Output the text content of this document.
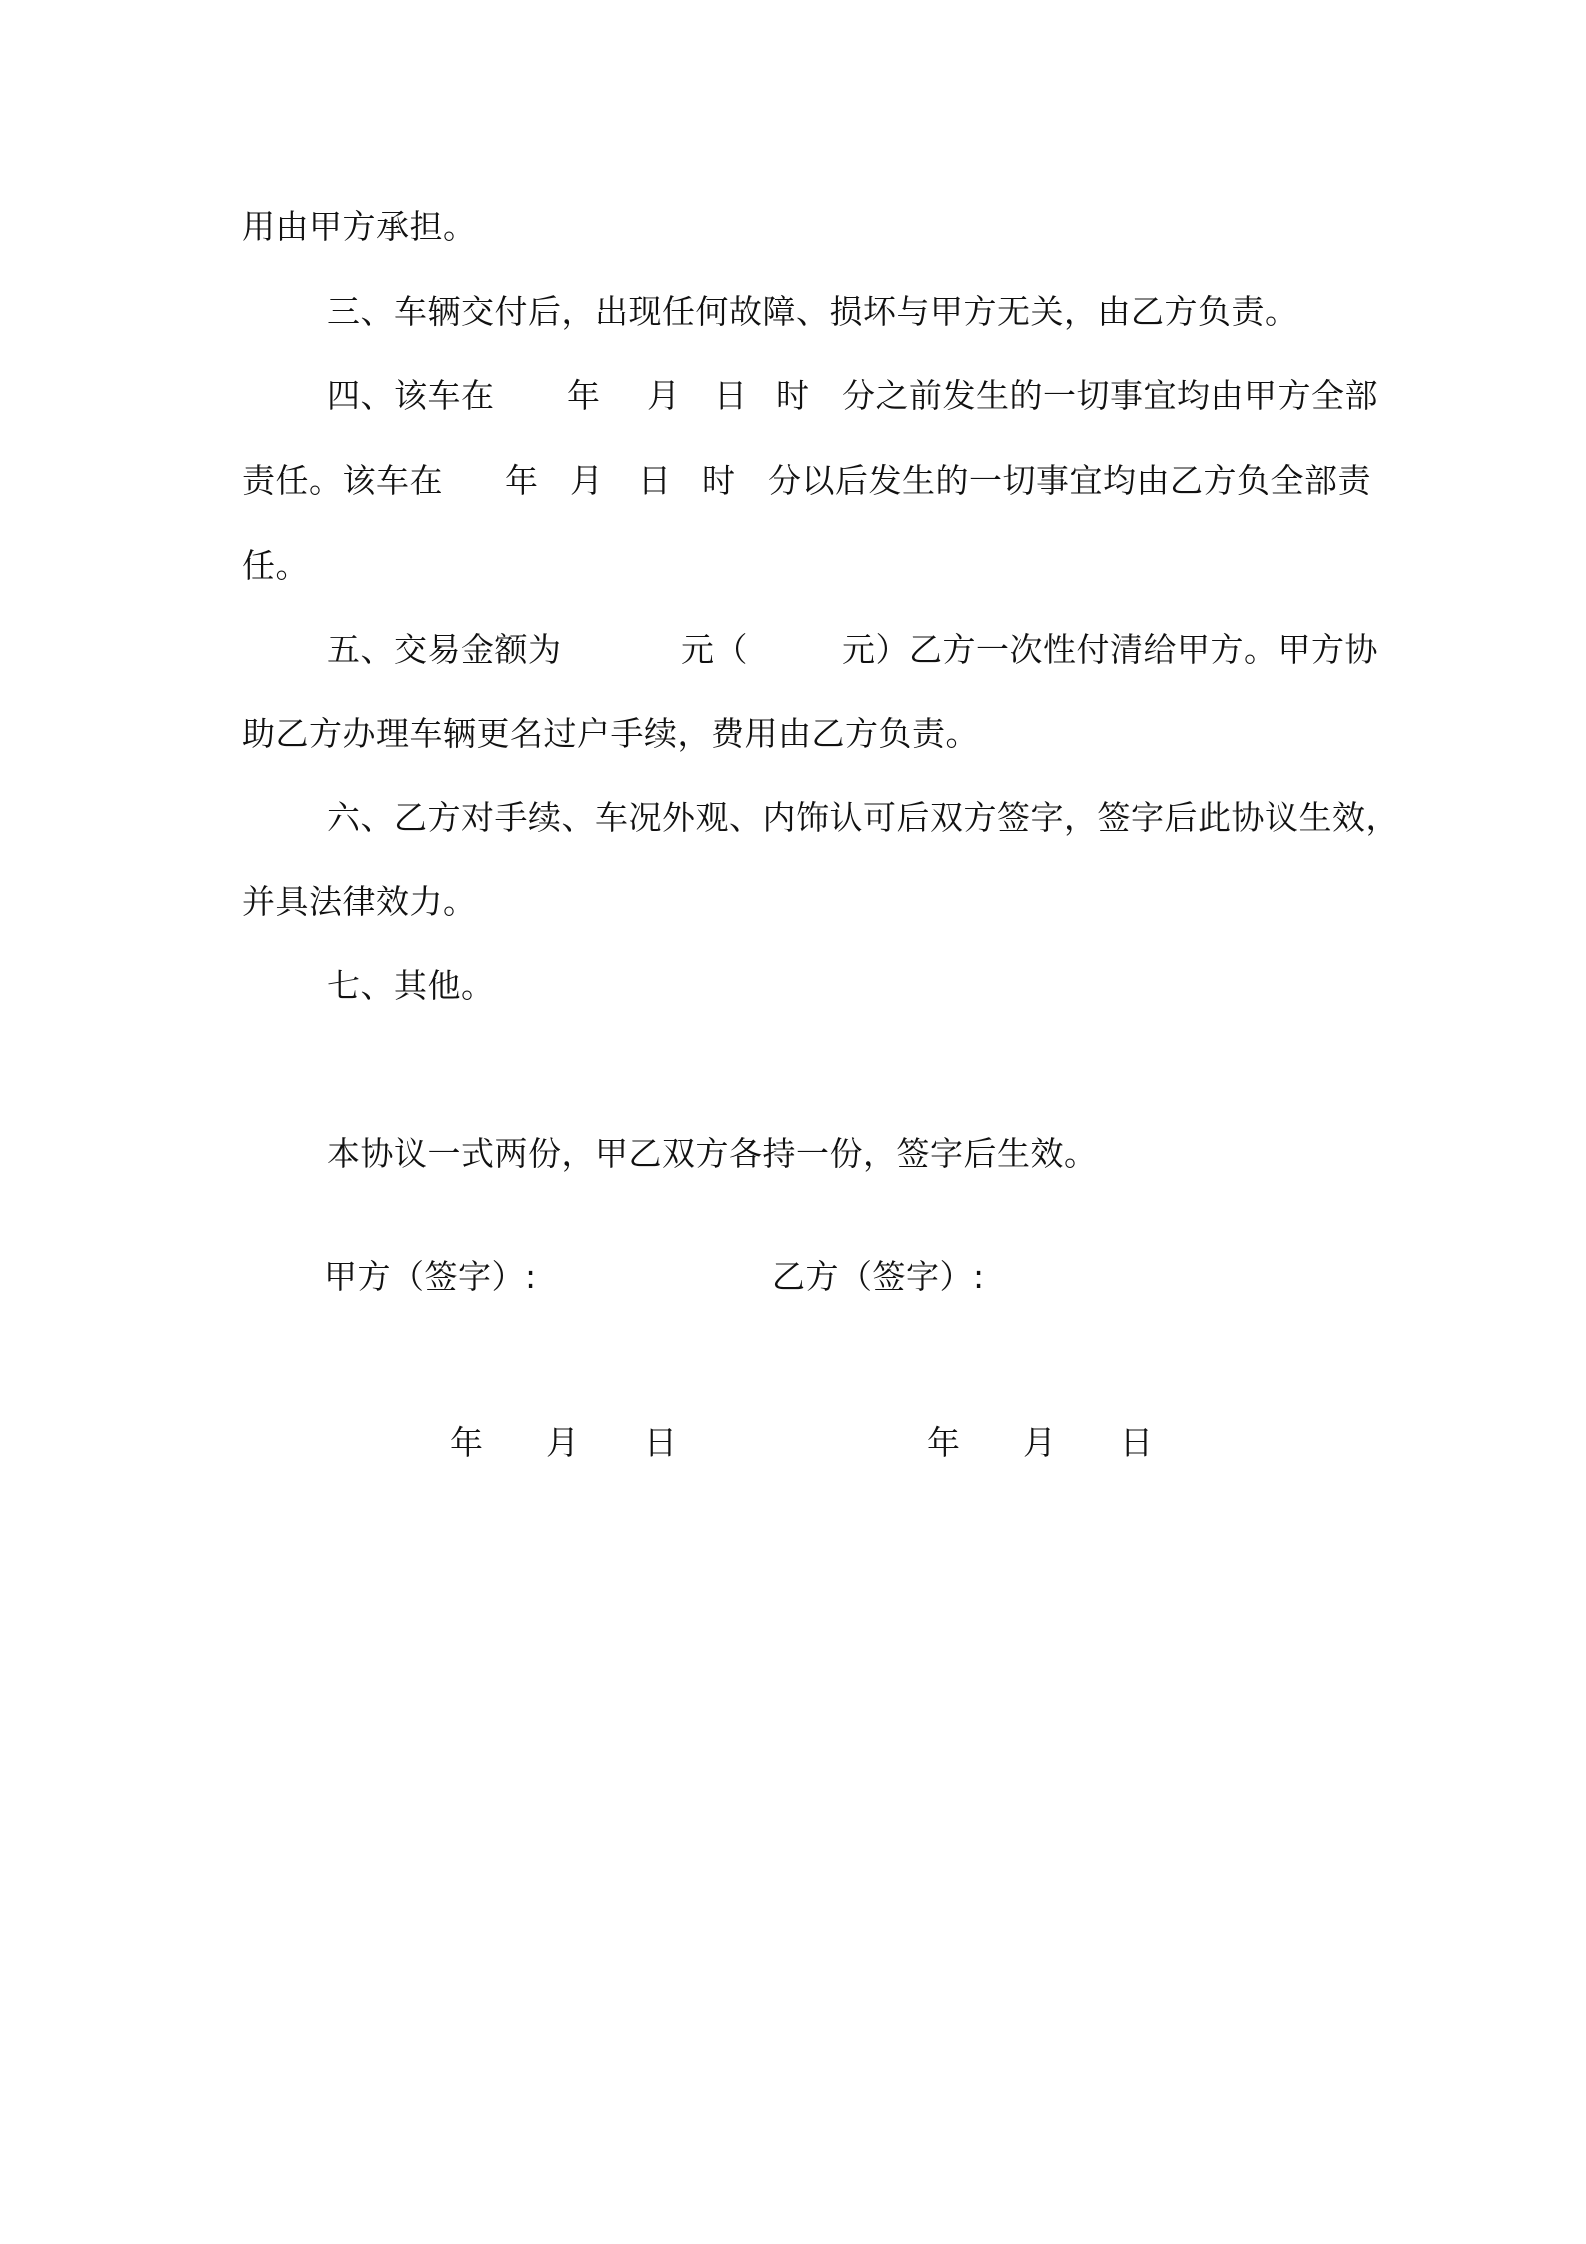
用由甲方承担。
三、车辆交付后，出现任何故障、损坏与甲方无关，由乙方负责。
四、该车在 年 月 日 时 分之前发生的一切事宜均由甲方全部
责任。该车在 年 月 日 时 分以后发生的一切事宜均由乙方负全部责
任。
五、交易金额为	元（	元）乙方一次性付清给甲方。甲方协
助乙方办理车辆更名过户手续，费用由乙方负责。
六、乙方对手续、车况外观、内饰认可后双方签字，签字后此协议生效，
并具法律效力。
七、其他。
本协议一式两份，甲乙双方各持一份，签字后生效。
甲方（签字）:	乙方（签字）:
年 月 日	年 月 日
